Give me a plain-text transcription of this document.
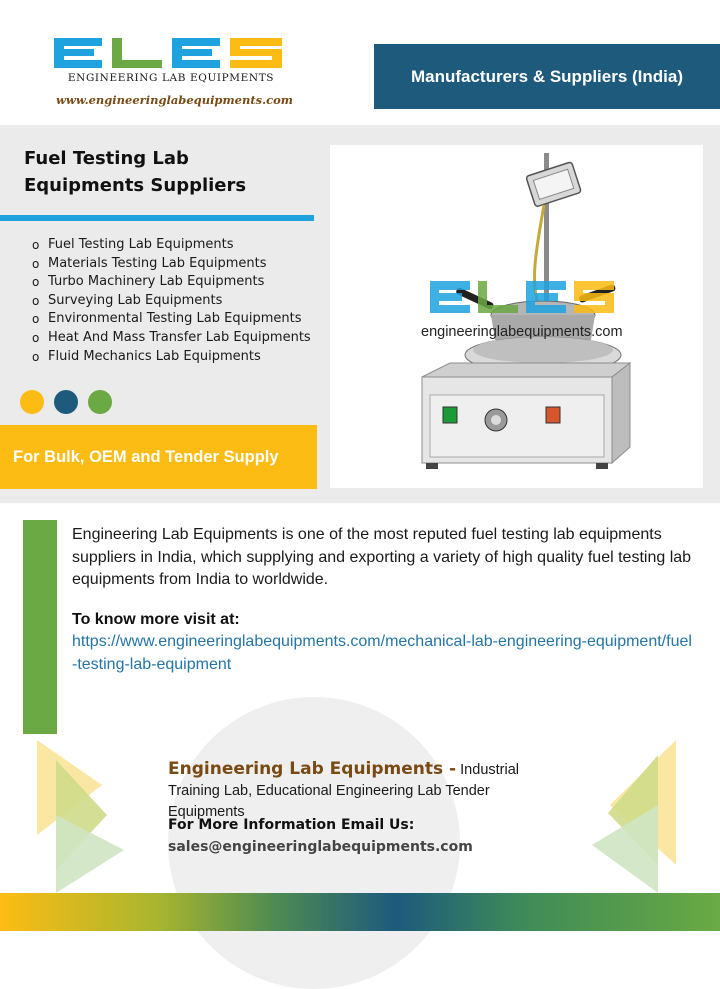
ENGINEERING LAB EQUIPMENTS
www.engineeringlabequipments.com
Manufacturers & Suppliers (India)
Fuel Testing Lab
Equipments Suppliers
o Fuel Testing Lab Equipments
o Materials Testing Lab Equipments
o Turbo Machinery Lab Equipments
o Surveying Lab Equipments
o Environmental Testing Lab Equipments
o Heat And Mass Transfer Lab Equipments
o Fluid Mechanics Lab Equipments
For Bulk, OEM and Tender Supply
engineeringlabequipments.com
Engineering Lab Equipments is one of the most reputed fuel testing lab equipments suppliers in India, which supplying and exporting a variety of high quality fuel testing lab equipments from India to worldwide.
To know more visit at:
https://www.engineeringlabequipments.com/mechanical-lab-engineering-equipment/fuel-testing-lab-equipment
Engineering Lab Equipments - Industrial Training Lab, Educational Engineering Lab Tender Equipments
For More Information Email Us:
sales@engineeringlabequipments.com
